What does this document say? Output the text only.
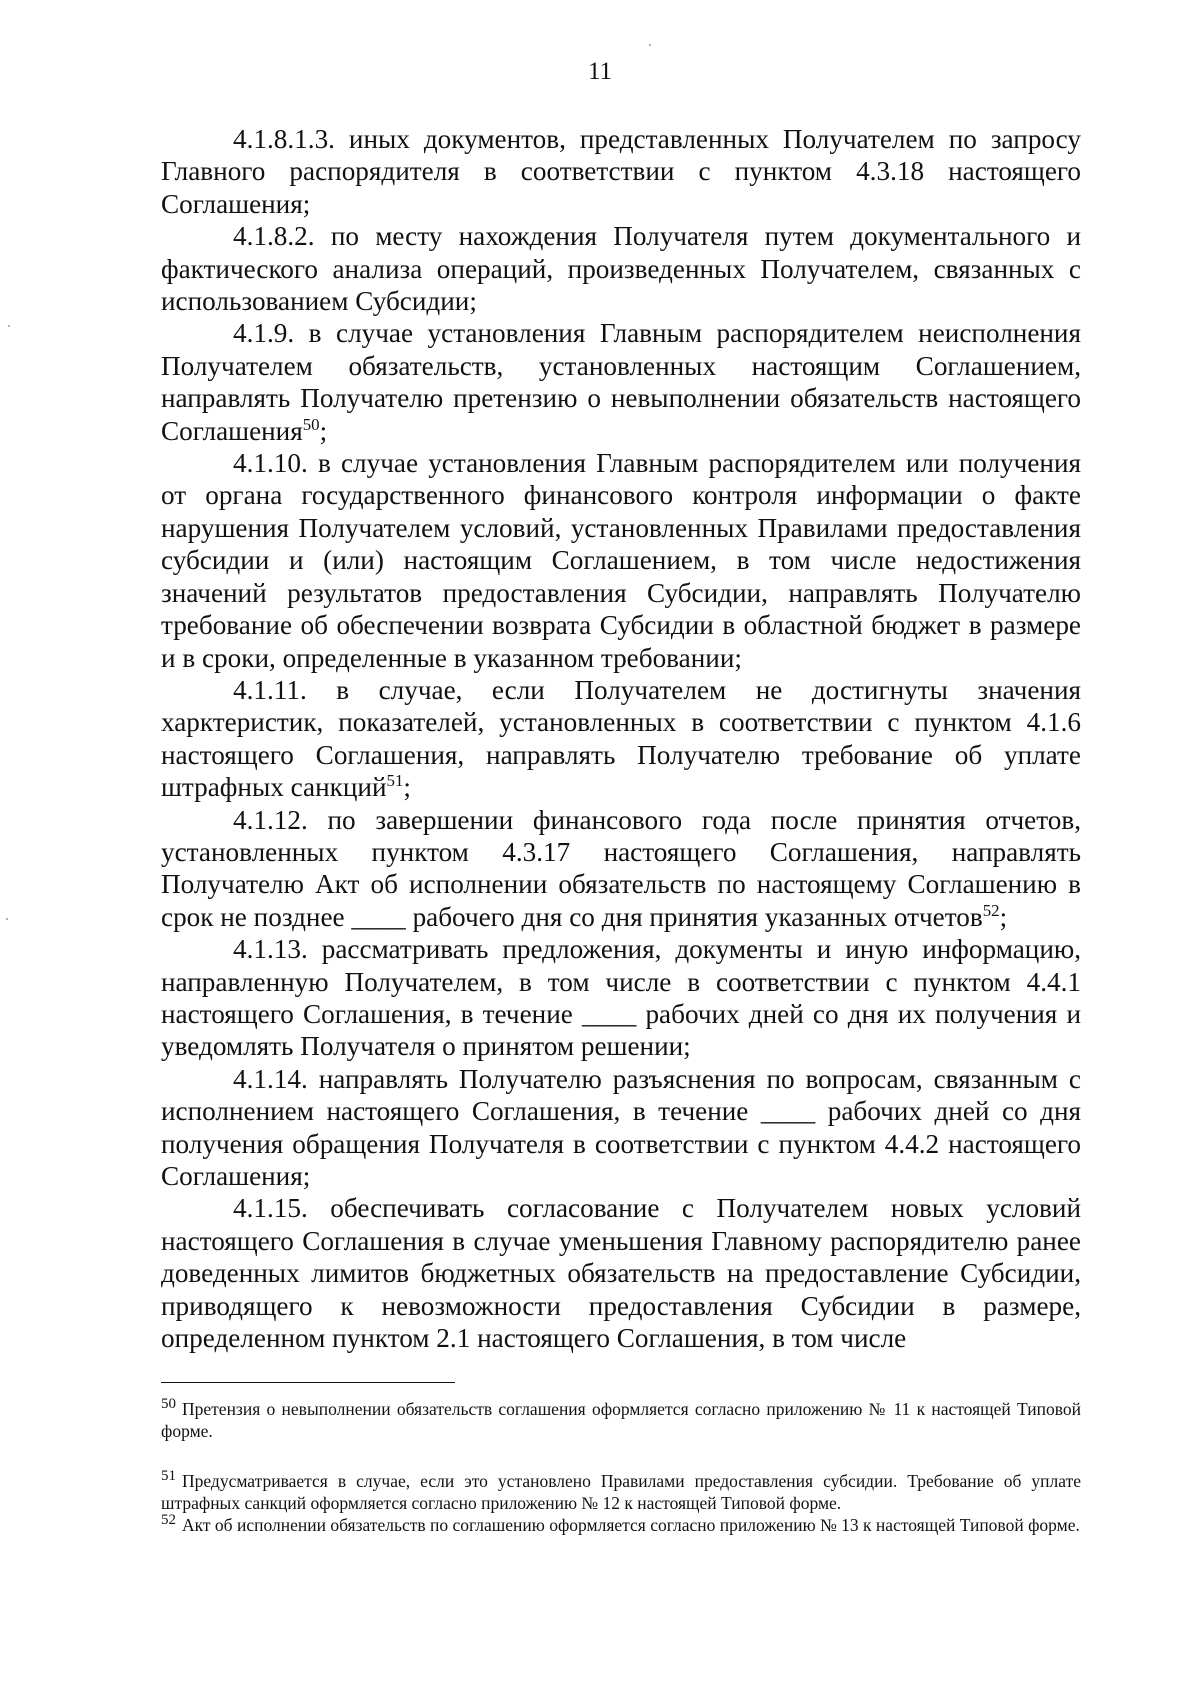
11

4.1.8.1.3. иных документов, представленных Получателем по запросу Главного распорядителя в соответствии с пунктом 4.3.18 настоящего Соглашения;

4.1.8.2. по месту нахождения Получателя путем документального и фактического анализа операций, произведенных Получателем, связанных с использованием Субсидии;

4.1.9. в случае установления Главным распорядителем неисполнения Получателем обязательств, установленных настоящим Соглашением, направлять Получателю претензию о невыполнении обязательств настоящего Соглашения$^{50}$;

4.1.10. в случае установления Главным распорядителем или получения от органа государственного финансового контроля информации о факте нарушения Получателем условий, установленных Правилами предоставления субсидии и (или) настоящим Соглашением, в том числе недостижения значений результатов предоставления Субсидии, направлять Получателю требование об обеспечении возврата Субсидии в областной бюджет в размере и в сроки, определенные в указанном требовании;

4.1.11. в случае, если Получателем не достигнуты значения харктеристик, показателей, установленных в соответствии с пунктом 4.1.6 настоящего Соглашения, направлять Получателю требование об уплате штрафных санкций$^{51}$;

4.1.12. по завершении финансового года после принятия отчетов, установленных пунктом 4.3.17 настоящего Соглашения, направлять Получателю Акт об исполнении обязательств по настоящему Соглашению в срок не позднее ____ рабочего дня со дня принятия указанных отчетов$^{52}$;

4.1.13. рассматривать предложения, документы и иную информацию, направленную Получателем, в том числе в соответствии с пунктом 4.4.1 настоящего Соглашения, в течение ____ рабочих дней со дня их получения и уведомлять Получателя о принятом решении;

4.1.14. направлять Получателю разъяснения по вопросам, связанным с исполнением настоящего Соглашения, в течение ____ рабочих дней со дня получения обращения Получателя в соответствии с пунктом 4.4.2 настоящего Соглашения;

4.1.15. обеспечивать согласование с Получателем новых условий настоящего Соглашения в случае уменьшения Главному распорядителю ранее доведенных лимитов бюджетных обязательств на предоставление Субсидии, приводящего к невозможности предоставления Субсидии в размере, определенном пунктом 2.1 настоящего Соглашения, в том числе

50 Претензия о невыполнении обязательств соглашения оформляется согласно приложению № 11 к настоящей Типовой форме.

51 Предусматривается в случае, если это установлено Правилами предоставления субсидии. Требование об уплате штрафных санкций оформляется согласно приложению № 12 к настоящей Типовой форме.

52 Акт об исполнении обязательств по соглашению оформляется согласно приложению № 13 к настоящей Типовой форме.
